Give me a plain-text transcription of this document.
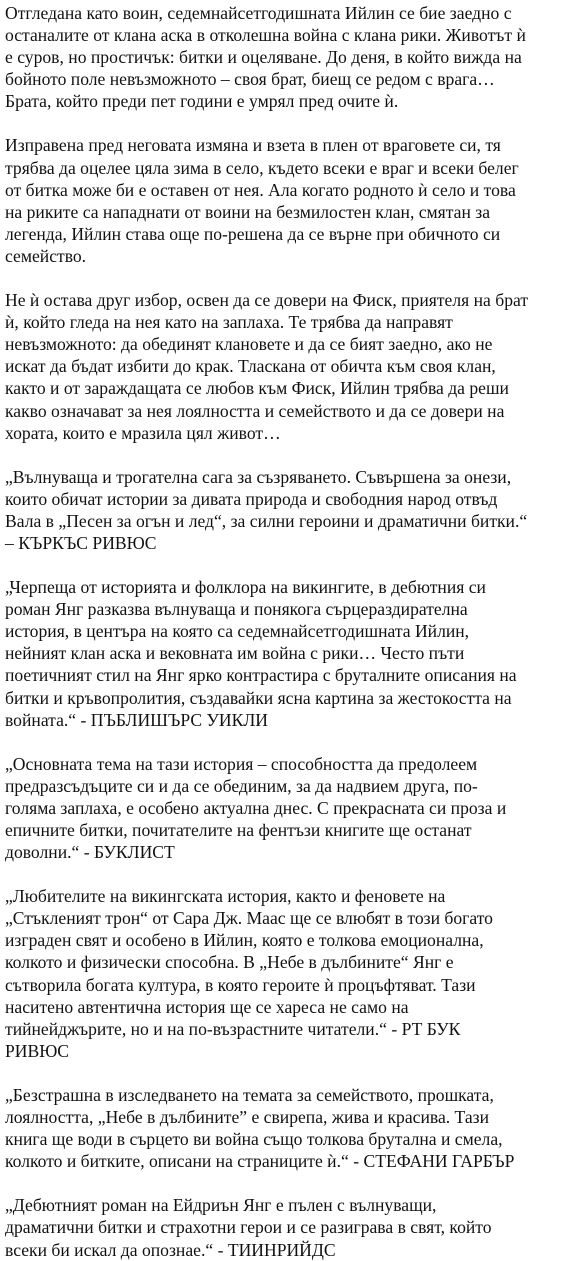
Отгледана като воин, седемнайсетгодишната Ийлин се бие заедно с
останалите от клана аска в отколешна война с клана рики. Животът ѝ
е суров, но простичък: битки и оцеляване. До деня, в който вижда на
бойното поле невъзможното – своя брат, биещ се редом с врага…
Брата, който преди пет години е умрял пред очите ѝ.

Изправена пред неговата измяна и взета в плен от враговете си, тя
трябва да оцелее цяла зима в село, където всеки е враг и всеки белег
от битка може би е оставен от нея. Ала когато родното ѝ село и това
на риките са нападнати от воини на безмилостен клан, смятан за
легенда, Ийлин става още по-решена да се върне при обичното си
семейство.

Не ѝ остава друг избор, освен да се довери на Фиск, приятеля на брат
ѝ, който гледа на нея като на заплаха. Те трябва да направят
невъзможното: да обединят клановете и да се бият заедно, ако не
искат да бъдат избити до крак. Тласкана от обичта към своя клан,
както и от зараждащата се любов към Фиск, Ийлин трябва да реши
какво означават за нея лоялността и семейството и да се довери на
хората, които е мразила цял живот…

„Вълнуваща и трогателна сага за съзряването. Съвършена за онези,
които обичат истории за дивата природа и свободния народ отвъд
Вала в „Песен за огън и лед“, за силни героини и драматични битки.“
– КЪРКЪС РИВЮС

„Черпеща от историята и фолклора на викингите, в дебютния си
роман Янг разказва вълнуваща и понякога сърцераздирателна
история, в центъра на която са седемнайсетгодишната Ийлин,
нейният клан аска и вековната им война с рики… Често пъти
поетичният стил на Янг ярко контрастира с бруталните описания на
битки и кръвопролития, създавайки ясна картина за жестокостта на
войната.“ - ПЪБЛИШЪРС УИКЛИ

„Основната тема на тази история – способността да предолеем
предразсъдъците си и да се обединим, за да надвием друга, по-
голяма заплаха, е особено актуална днес. С прекрасната си проза и
епичните битки, почитателите на фентъзи книгите ще останат
доволни.“ - БУКЛИСТ

„Любителите на викингската история, както и феновете на
„Стъкленият трон“ от Сара Дж. Маас ще се влюбят в този богато
изграден свят и особено в Ийлин, която е толкова емоционална,
колкото и физически способна. В „Небе в дълбините“ Янг е
сътворила богата култура, в която героите ѝ процъфтяват. Тази
наситено автентична история ще се хареса не само на
тийнейджърите, но и на по-възрастните читатели.“ - РТ БУК
РИВЮС

„Безстрашна в изследването на темата за семейството, прошката,
лоялността, „Небе в дълбините” е свирепа, жива и красива. Тази
книга ще води в сърцето ви война също толкова брутална и смела,
колкото и битките, описани на страниците ѝ.“ - СТЕФАНИ ГАРБЪР

„Дебютният роман на Ейдриън Янг е пълен с вълнуващи,
драматични битки и страхотни герои и се разиграва в свят, който
всеки би искал да опознае.“ - ТИИНРИЙДС
